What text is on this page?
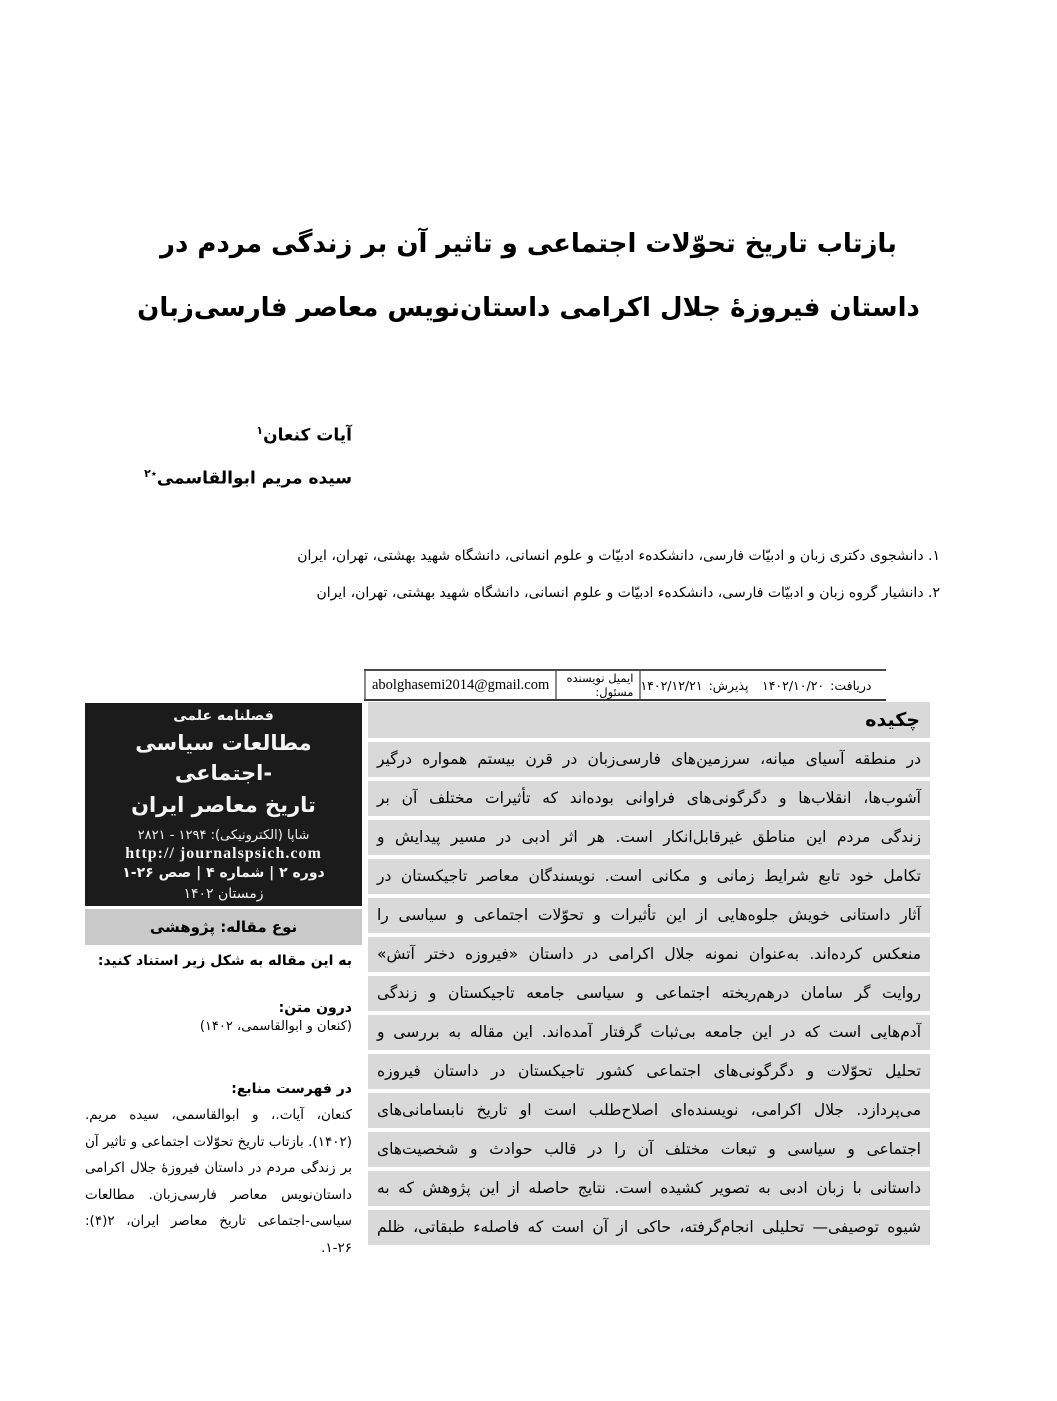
بازتاب تاریخ تحوّلات اجتماعی و تاثیر آن بر زندگی مردم در
داستان فیروزهٔ جلال اکرامی داستان‌نویس معاصر فارسی‌زبان
آیات کنعان$^۱$
سیده مریم ابوالقاسمی$^{٭۲}$
۱. دانشجوی دکتری زبان و ادبیّات فارسی، دانشکدهء ادبیّات و علوم انسانی، دانشگاه شهید بهشتی، تهران، ایران
۲. دانشیار گروه زبان و ادبیّات فارسی، دانشکدهء ادبیّات و علوم انسانی، دانشگاه شهید بهشتی، تهران، ایران
دریافت:
۱۴۰۲/۱۰/۲۰
پذیرش:
۱۴۰۲/۱۲/۲۱
ایمیل نویسنده مسئول:
abolghasemi2014@gmail.com
فصلنامه علمی
مطالعات سیاسی -اجتماعی
تاریخ معاصر ایران
شاپا (الکترونیکی): ۱۲۹۴ - ۲۸۲۱
http:// journalspsich.com
دوره ۲ | شماره ۴ | صص ۲۶-۱
زمستان ۱۴۰۲
نوع مقاله: پژوهشی
به این مقاله به شکل زیر استناد کنید:
درون متن:
(کنعان و ابوالقاسمی، ۱۴۰۲)
در فهرست منابع:
کنعان، آیات.، و ابوالقاسمی، سیده مریم. (۱۴۰۲). بازتاب تاریخ تحوّلات اجتماعی و تاثیر آن بر زندگی مردم در داستان فیروزهٔ جلال اکرامی داستان‌نویس معاصر فارسی‌زبان. مطالعات سیاسی-اجتماعی تاریخ معاصر ایران، ۲(۴): ۲۶-۱.
چکیده
در منطقه آسیای میانه، سرزمین‌های فارسی‌زبان در قرن بیستم همواره درگیر
آشوب‌ها، انقلاب‌ها و دگرگونی‌های فراوانی بوده‌اند که تأثیرات مختلف آن بر
زندگی مردم این مناطق غیرقابل‌انکار است. هر اثر ادبی در مسیر پیدایش و
تکامل خود تابع شرایط زمانی و مکانی است. نویسندگان معاصر تاجیکستان در
آثار داستانی خویش جلوه‌هایی از این تأثیرات و تحوّلات اجتماعی و سیاسی را
منعکس کرده‌اند. به‌عنوان نمونه جلال اکرامی در داستان «فیروزه دختر آتش»
روایت گر سامان درهم‌ریخته اجتماعی و سیاسی جامعه تاجیکستان و زندگی
آدم‌هایی است که در این جامعه بی‌ثبات گرفتار آمده‌اند. این مقاله به بررسی و
تحلیل تحوّلات و دگرگونی‌های اجتماعی کشور تاجیکستان در داستان فیروزه
می‌پردازد. جلال اکرامی، نویسنده‌ای اصلاح‌طلب است او تاریخ نابسامانی‌های
اجتماعی و سیاسی و تبعات مختلف آن را در قالب حوادث و شخصیت‌های
داستانی با زبان ادبی به تصویر کشیده است. نتایج حاصله از این پژوهش که به
شیوه توصیفی— تحلیلی انجام‌گرفته، حاکی از آن است که فاصلهء طبقاتی، ظلم
